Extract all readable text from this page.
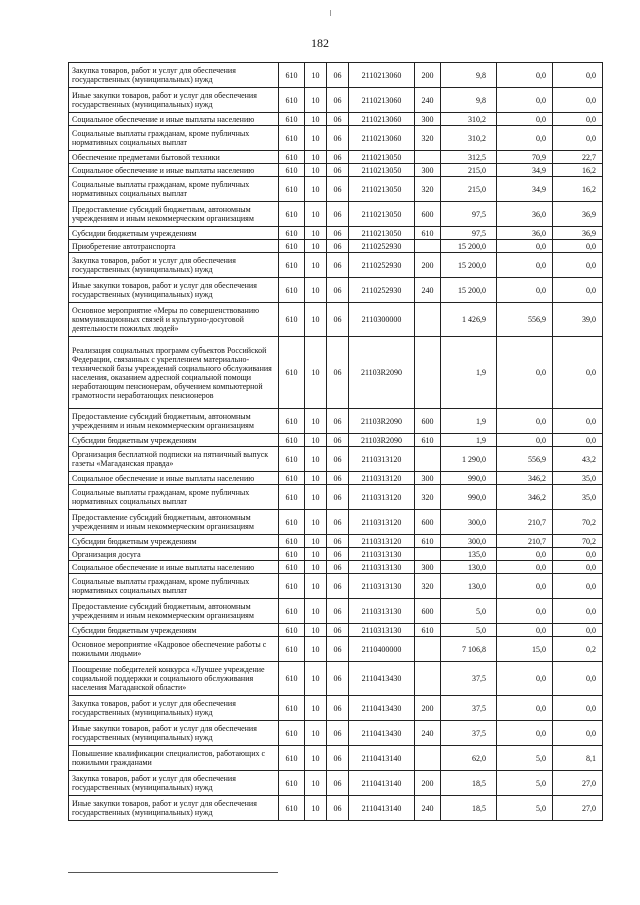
182
Закупка товаров, работ и услуг для обеспечения государственных (муниципальных) нужд	610	10	06	2110213060	200	9,8	0,0	0,0
Иные закупки товаров, работ и услуг для обеспечения государственных (муниципальных) нужд	610	10	06	2110213060	240	9,8	0,0	0,0
Социальное обеспечение и иные выплаты населению	610	10	06	2110213060	300	310,2	0,0	0,0
Социальные выплаты гражданам, кроме публичных нормативных социальных выплат	610	10	06	2110213060	320	310,2	0,0	0,0
Обеспечение предметами бытовой техники	610	10	06	2110213050		312,5	70,9	22,7
Социальное обеспечение и иные выплаты населению	610	10	06	2110213050	300	215,0	34,9	16,2
Социальные выплаты гражданам, кроме публичных нормативных социальных выплат	610	10	06	2110213050	320	215,0	34,9	16,2
Предоставление субсидий бюджетным, автономным учреждениям и иным некоммерческим организациям	610	10	06	2110213050	600	97,5	36,0	36,9
Субсидии бюджетным учреждениям	610	10	06	2110213050	610	97,5	36,0	36,9
Приобретение автотранспорта	610	10	06	2110252930		15 200,0	0,0	0,0
Закупка товаров, работ и услуг для обеспечения государственных (муниципальных) нужд	610	10	06	2110252930	200	15 200,0	0,0	0,0
Иные закупки товаров, работ и услуг для обеспечения государственных (муниципальных) нужд	610	10	06	2110252930	240	15 200,0	0,0	0,0
Основное мероприятие «Меры по совершенствованию коммуникационных связей и культурно-досуговой деятельности пожилых людей»	610	10	06	2110300000		1 426,9	556,9	39,0
Реализация социальных программ субъектов Российской Федерации, связанных с укреплением материально-технической базы учреждений социального обслуживания населения, оказанием адресной социальной помощи неработающим пенсионерам, обучением компьютерной грамотности неработающих пенсионеров	610	10	06	21103R2090		1,9	0,0	0,0
Предоставление субсидий бюджетным, автономным учреждениям и иным некоммерческим организациям	610	10	06	21103R2090	600	1,9	0,0	0,0
Субсидии бюджетным учреждениям	610	10	06	21103R2090	610	1,9	0,0	0,0
Организация бесплатной подписки на пятничный выпуск газеты «Магаданская правда»	610	10	06	2110313120		1 290,0	556,9	43,2
Социальное обеспечение и иные выплаты населению	610	10	06	2110313120	300	990,0	346,2	35,0
Социальные выплаты гражданам, кроме публичных нормативных социальных выплат	610	10	06	2110313120	320	990,0	346,2	35,0
Предоставление субсидий бюджетным, автономным учреждениям и иным некоммерческим организациям	610	10	06	2110313120	600	300,0	210,7	70,2
Субсидии бюджетным учреждениям	610	10	06	2110313120	610	300,0	210,7	70,2
Организация досуга	610	10	06	2110313130		135,0	0,0	0,0
Социальное обеспечение и иные выплаты населению	610	10	06	2110313130	300	130,0	0,0	0,0
Социальные выплаты гражданам, кроме публичных нормативных социальных выплат	610	10	06	2110313130	320	130,0	0,0	0,0
Предоставление субсидий бюджетным, автономным учреждениям и иным некоммерческим организациям	610	10	06	2110313130	600	5,0	0,0	0,0
Субсидии бюджетным учреждениям	610	10	06	2110313130	610	5,0	0,0	0,0
Основное мероприятие «Кадровое обеспечение работы с пожилыми людьми»	610	10	06	2110400000		7 106,8	15,0	0,2
Поощрение победителей конкурса «Лучшее учреждение социальной поддержки и социального обслуживания населения Магаданской области»	610	10	06	2110413430		37,5	0,0	0,0
Закупка товаров, работ и услуг для обеспечения государственных (муниципальных) нужд	610	10	06	2110413430	200	37,5	0,0	0,0
Иные закупки товаров, работ и услуг для обеспечения государственных (муниципальных) нужд	610	10	06	2110413430	240	37,5	0,0	0,0
Повышение квалификации специалистов, работающих с пожилыми гражданами	610	10	06	2110413140		62,0	5,0	8,1
Закупка товаров, работ и услуг для обеспечения государственных (муниципальных) нужд	610	10	06	2110413140	200	18,5	5,0	27,0
Иные закупки товаров, работ и услуг для обеспечения государственных (муниципальных) нужд	610	10	06	2110413140	240	18,5	5,0	27,0
